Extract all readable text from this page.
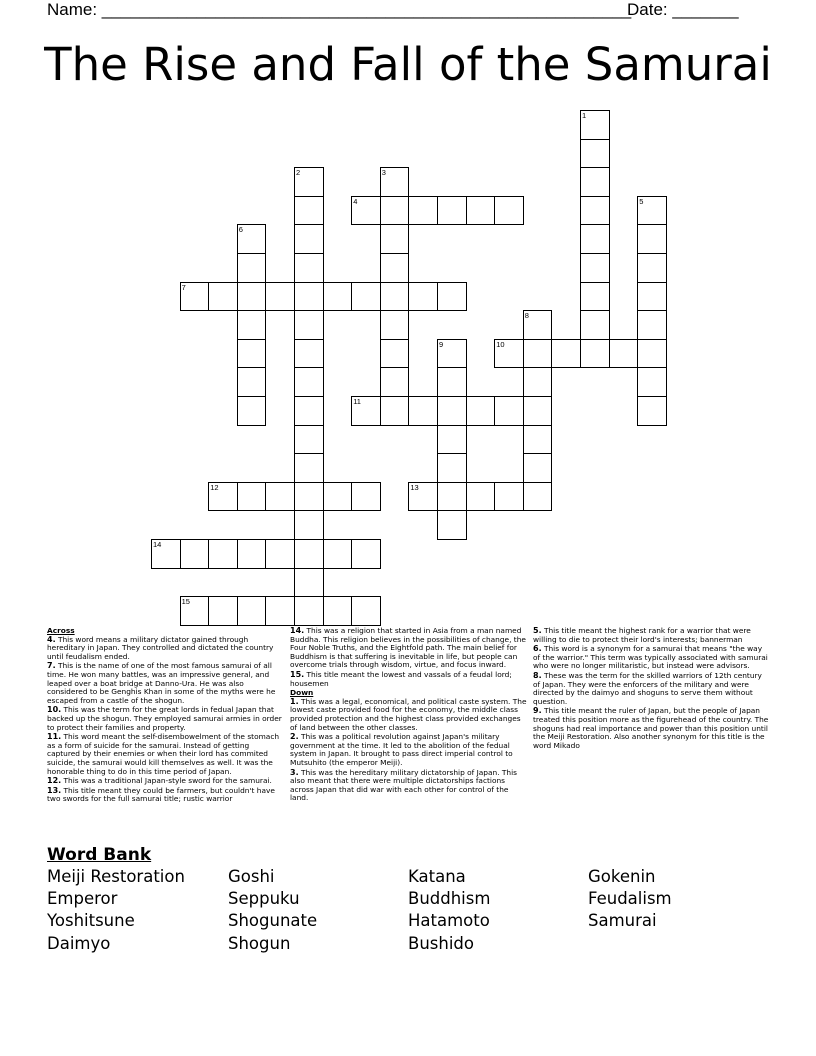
Name: ________________________________________________________
Date: _______
The Rise and Fall of the Samurai
1
2	3
4	5
6
7
8
9	10
11
12	13
14
15
Across
4. This word means a military dictator gained through hereditary in Japan. They controlled and dictated the country until feudalism ended.
7. This is the name of one of the most famous samurai of all time. He won many battles, was an impressive general, and leaped over a boat bridge at Danno-Ura. He was also considered to be Genghis Khan in some of the myths were he escaped from a castle of the shogun.
10. This was the term for the great lords in fedual Japan that backed up the shogun. They employed samurai armies in order to protect their families and property.
11. This word meant the self-disembowelment of the stomach as a form of suicide for the samurai. Instead of getting captured by their enemies or when their lord has commited suicide, the samurai would kill themselves as well. It was the honorable thing to do in this time period of Japan.
12. This was a traditional Japan-style sword for the samurai.
13. This title meant they could be farmers, but couldn't have two swords for the full samurai title; rustic warrior
14. This was a religion that started in Asia from a man named Buddha. This religion believes in the possibilities of change, the Four Noble Truths, and the Eightfold path. The main belief for Buddhism is that suffering is inevitable in life, but people can overcome trials through wisdom, virtue, and focus inward.
15. This title meant the lowest and vassals of a feudal lord; housemen
Down
1. This was a legal, economical, and political caste system. The lowest caste provided food for the economy, the middle class provided protection and the highest class provided exchanges of land between the other classes.
2. This was a political revolution against Japan's military government at the time. It led to the abolition of the fedual system in Japan. It brought to pass direct imperial control to Mutsuhito (the emperor Meiji).
3. This was the hereditary military dictatorship of Japan. This also meant that there were multiple dictatorships factions across Japan that did war with each other for control of the land.
5. This title meant the highest rank for a warrior that were willing to die to protect their lord's interests; bannerman
6. This word is a synonym for a samurai that means "the way of the warrior." This term was typically associated with samurai who were no longer militaristic, but instead were advisors.
8. These was the term for the skilled warriors of 12th century of Japan. They were the enforcers of the military and were directed by the daimyo and shoguns to serve them without question.
9. This title meant the ruler of Japan, but the people of Japan treated this position more as the figurehead of the country. The shoguns had real importance and power than this position until the Meiji Restoration. Also another synonym for this title is the word Mikado
Word Bank
Meiji Restoration
Emperor
Yoshitsune
Daimyo
Goshi
Seppuku
Shogunate
Shogun
Katana
Buddhism
Hatamoto
Bushido
Gokenin
Feudalism
Samurai
